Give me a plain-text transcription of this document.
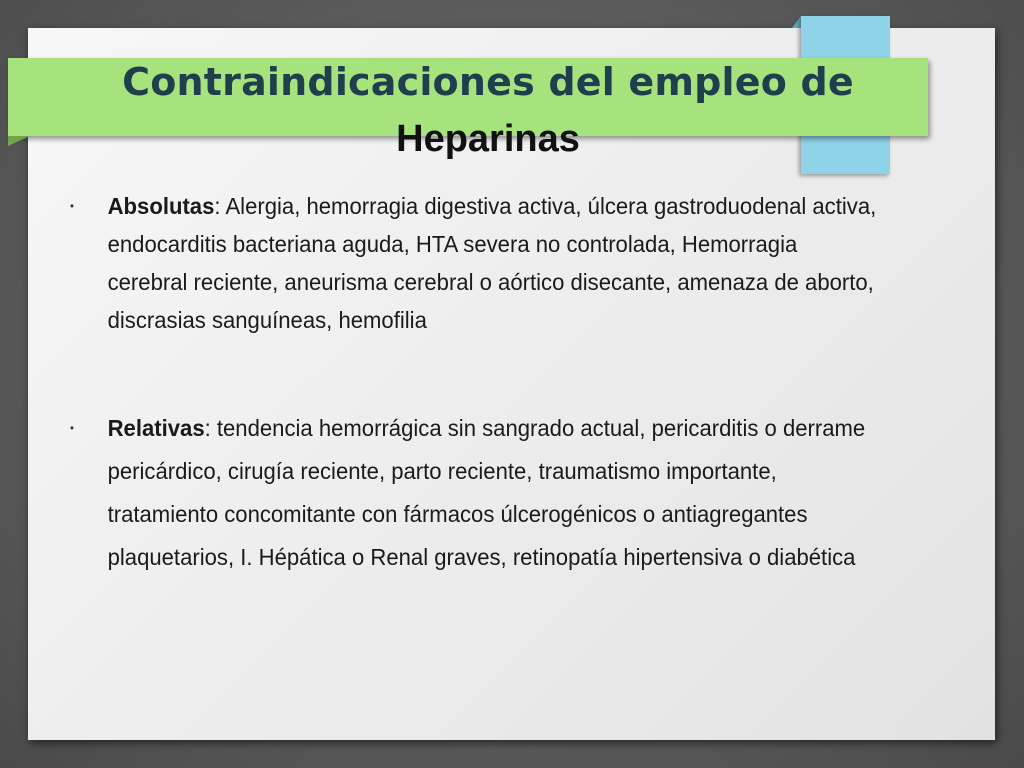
Contraindicaciones del empleo de
Heparinas
• Absolutas: Alergia, hemorragia digestiva activa, úlcera gastroduodenal activa, endocarditis bacteriana aguda, HTA severa no controlada, Hemorragia cerebral reciente, aneurisma cerebral o aórtico disecante, amenaza de aborto, discrasias sanguíneas, hemofilia
• Relativas: tendencia hemorrágica sin sangrado actual, pericarditis o derrame pericárdico, cirugía reciente, parto reciente, traumatismo importante, tratamiento concomitante con fármacos úlcerogénicos o antiagregantes plaquetarios, I. Hépática o Renal graves, retinopatía hipertensiva o diabética
